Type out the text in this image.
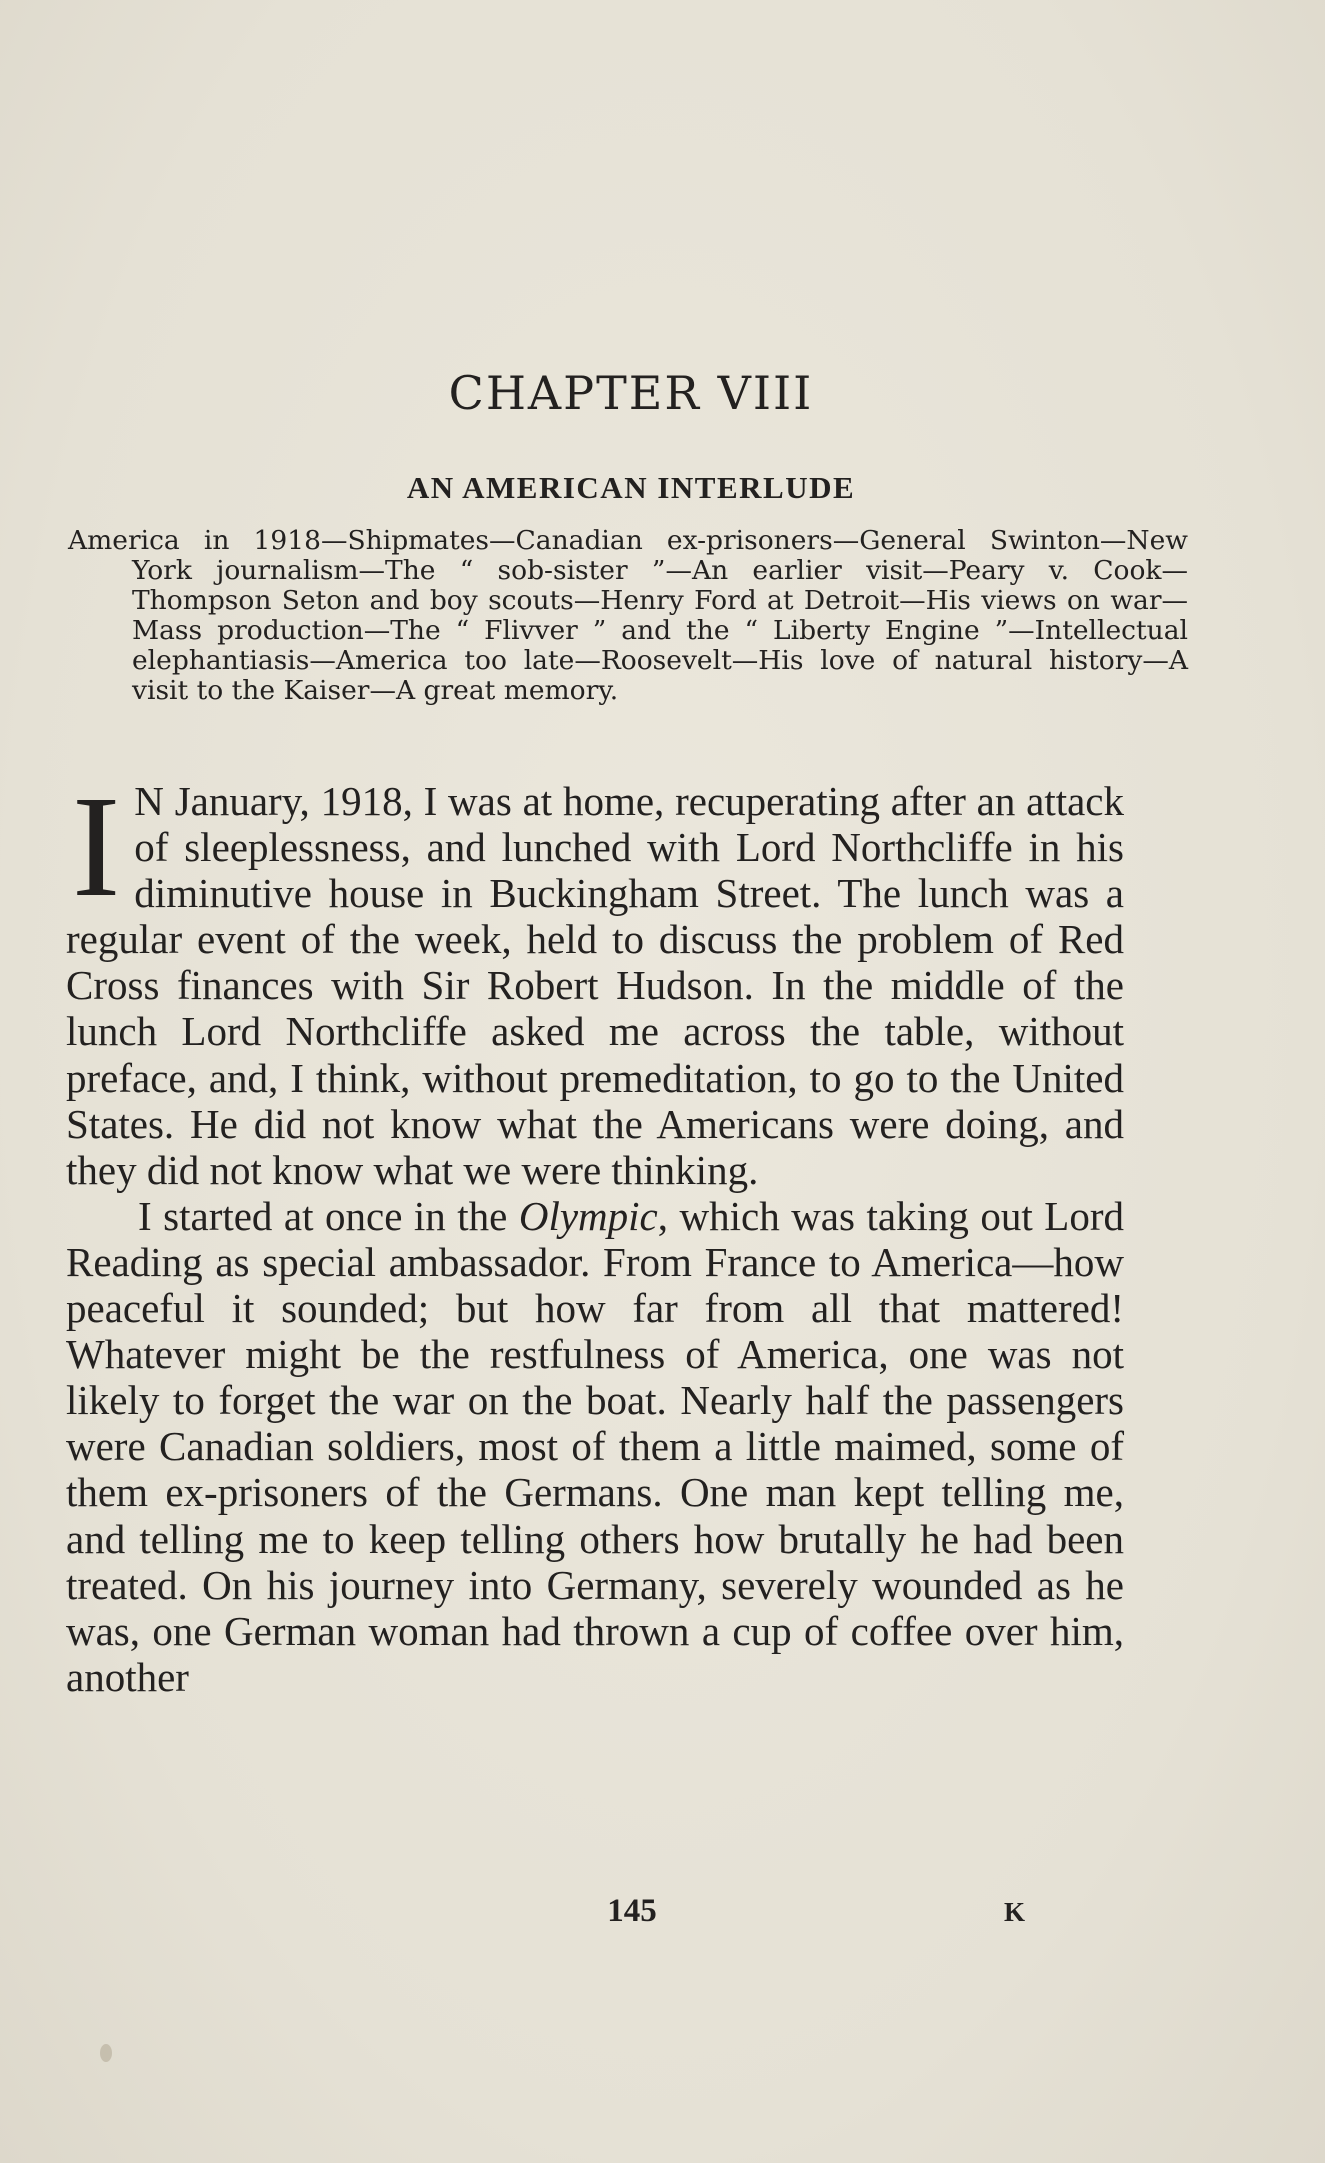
CHAPTER VIII
AN AMERICAN INTERLUDE
America in 1918—Shipmates—Canadian ex-prisoners—General Swinton—New York journalism—The “ sob-sister ”—An earlier visit—Peary v. Cook—Thompson Seton and boy scouts—Henry Ford at Detroit—His views on war—Mass production—The “ Flivver ” and the “ Liberty Engine ”—Intellectual elephantiasis—America too late—Roosevelt—His love of natural history—A visit to the Kaiser—A great memory.

I N January, 1918, I was at home, recuperating after an attack of sleeplessness, and lunched with Lord Northcliffe in his diminutive house in Buckingham Street. The lunch was a regular event of the week, held to discuss the problem of Red Cross finances with Sir Robert Hudson. In the middle of the lunch Lord Northcliffe asked me across the table, without preface, and, I think, without premeditation, to go to the United States. He did not know what the Americans were doing, and they did not know what we were thinking.

I started at once in the Olympic, which was taking out Lord Reading as special ambassador. From France to America—how peaceful it sounded; but how far from all that mattered! Whatever might be the restfulness of America, one was not likely to forget the war on the boat. Nearly half the passengers were Canadian soldiers, most of them a little maimed, some of them ex-prisoners of the Germans. One man kept telling me, and telling me to keep telling others how brutally he had been treated. On his journey into Germany, severely wounded as he was, one German woman had thrown a cup of coffee over him, another

145	K
